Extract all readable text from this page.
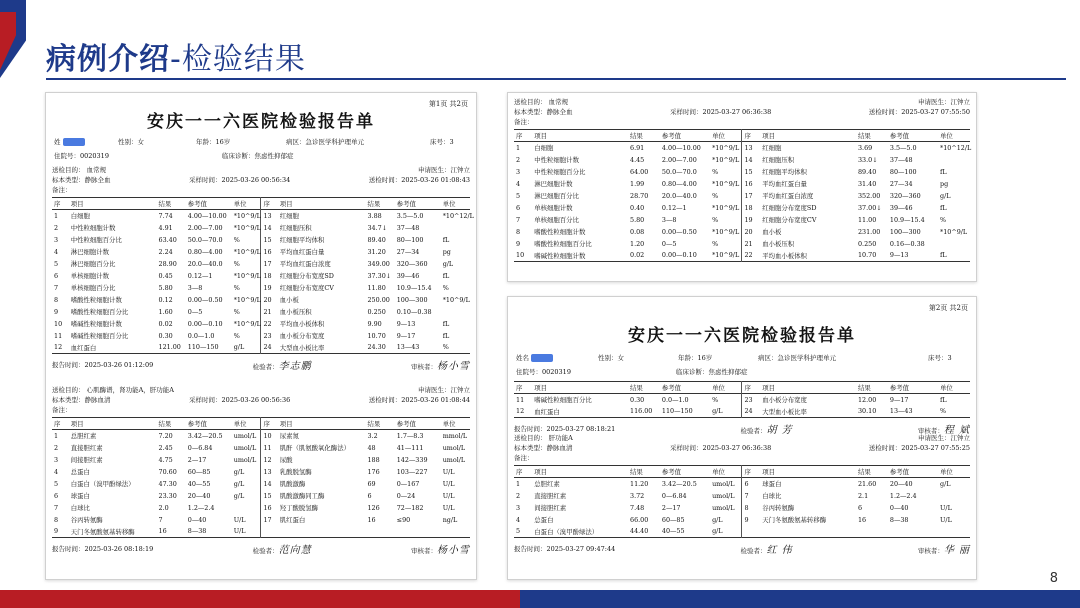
病例介绍-检验结果
第1页 共2页
安庆一一六医院检验报告单
姓	性别：女	年龄：16岁	病区：急诊医学科护理单元	床号：3
住院号：0020319	临床诊断：焦虑性抑郁症
送检目的： 血常规	申请医生：江钟立
标本类型：静脉全血	采样时间：2025-03-26 00:56:34	送检时间：2025-03-26 01:08:43
备注：
序	项目	结果	参考值	单位	序	项目	结果	参考值	单位
1	白细胞	7.74	4.00—10.00	*10^9/L	13	红细胞	3.88	3.5—5.0	*10^12/L
2	中性粒细胞计数	4.91	2.00—7.00	*10^9/L	14	红细胞压积	34.7↓	37—48	
3	中性粒细胞百分比	63.40	50.0—70.0	%	15	红细胞平均体积	89.40	80—100	fL
4	淋巴细胞计数	2.24	0.80—4.00	*10^9/L	16	平均血红蛋白量	31.20	27—34	pg
5	淋巴细胞百分比	28.90	20.0—40.0	%	17	平均血红蛋白浓度	349.00	320—360	g/L
6	单核细胞计数	0.45	0.12—1	*10^9/L	18	红细胞分布宽度SD	37.30↓	39—46	fL
7	单核细胞百分比	5.80	3—8	%	19	红细胞分布宽度CV	11.80	10.9—15.4	%
8	嗜酸性粒细胞计数	0.12	0.00—0.50	*10^9/L	20	血小板	250.00	100—300	*10^9/L
9	嗜酸性粒细胞百分比	1.60	0—5	%	21	血小板压积	0.250	0.10—0.38	
10	嗜碱性粒细胞计数	0.02	0.00—0.10	*10^9/L	22	平均血小板体积	9.90	9—13	fL
11	嗜碱性粒细胞百分比	0.30	0.0—1.0	%	23	血小板分布宽度	10.70	9—17	fL
12	血红蛋白	121.00	110—150	g/L	24	大型血小板比率	24.30	13—43	%
报告时间：2025-03-26 01:12:09	检验者：李志鹏	审核者：杨小雪
送检目的： 心肌酶谱，肾功能A，肝功能A	申请医生：江钟立
标本类型：静脉血清	采样时间：2025-03-26 00:56:36	送检时间：2025-03-26 01:08:44
备注：
序	项目	结果	参考值	单位	序	项目	结果	参考值	单位
1	总胆红素	7.20	3.42—20.5	umol/L	10	尿素氮	3.2	1.7—8.3	mmol/L
2	直接胆红素	2.45	0—6.84	umol/L	11	肌酐（肌氨酸氧化酶法）	48	41—111	umol/L
3	间接胆红素	4.75	2—17	umol/L	12	尿酸	188	142—339	umol/L
4	总蛋白	70.60	60—85	g/L	13	乳酸脱氢酶	176	103—227	U/L
5	白蛋白（溴甲酚绿法）	47.30	40—55	g/L	14	肌酸激酶	69	0—167	U/L
6	球蛋白	23.30	20—40	g/L	15	肌酸激酶同工酶	6	0—24	U/L
7	白球比	2.0	1.2—2.4		16	羟丁酸脱氢酶	126	72—182	U/L
8	谷丙转氨酶	7	0—40	U/L	17	肌红蛋白	16	≤90	ng/L
9	天门冬氨酸氨基转移酶	16	8—38	U/L					
报告时间：2025-03-26 08:18:19	检验者：范向慧	审核者：杨小雪
送检目的： 血常规	申请医生：江钟立
标本类型：静脉全血	采样时间：2025-03-27 06:36:38	送检时间：2025-03-27 07:55:50
备注：
序	项目	结果	参考值	单位	序	项目	结果	参考值	单位
1	白细胞	6.91	4.00—10.00	*10^9/L	13	红细胞	3.69	3.5—5.0	*10^12/L
2	中性粒细胞计数	4.45	2.00—7.00	*10^9/L	14	红细胞压积	33.0↓	37—48	
3	中性粒细胞百分比	64.00	50.0—70.0	%	15	红细胞平均体积	89.40	80—100	fL
4	淋巴细胞计数	1.99	0.80—4.00	*10^9/L	16	平均血红蛋白量	31.40	27—34	pg
5	淋巴细胞百分比	28.70	20.0—40.0	%	17	平均血红蛋白浓度	352.00	320—360	g/L
6	单核细胞计数	0.40	0.12—1	*10^9/L	18	红细胞分布宽度SD	37.00↓	39—46	fL
7	单核细胞百分比	5.80	3—8	%	19	红细胞分布宽度CV	11.00	10.9—15.4	%
8	嗜酸性粒细胞计数	0.08	0.00—0.50	*10^9/L	20	血小板	231.00	100—300	*10^9/L
9	嗜酸性粒细胞百分比	1.20	0—5	%	21	血小板压积	0.250	0.16—0.38	
10	嗜碱性粒细胞计数	0.02	0.00—0.10	*10^9/L	22	平均血小板体积	10.70	9—13	fL
第2页 共2页
安庆一一六医院检验报告单
姓名	性别：女	年龄：16岁	病区：急诊医学科护理单元	床号：3
住院号：0020319	临床诊断：焦虑性抑郁症
序	项目	结果	参考值	单位	序	项目	结果	参考值	单位
11	嗜碱性粒细胞百分比	0.30	0.0—1.0	%	23	血小板分布宽度	12.00	9—17	fL
12	血红蛋白	116.00	110—150	g/L	24	大型血小板比率	30.10	13—43	%
报告时间：2025-03-27 08:18:21	检验者：胡 芳	审核者：程 斌
送检目的： 肝功能A	申请医生：江钟立
标本类型：静脉血清	采样时间：2025-03-27 06:36:38	送检时间：2025-03-27 07:55:25
备注：
序	项目	结果	参考值	单位	序	项目	结果	参考值	单位
1	总胆红素	11.20	3.42—20.5	umol/L	6	球蛋白	21.60	20—40	g/L
2	直接胆红素	3.72	0—6.84	umol/L	7	白球比	2.1	1.2—2.4	
3	间接胆红素	7.48	2—17	umol/L	8	谷丙转氨酶	6	0—40	U/L
4	总蛋白	66.00	60—85	g/L	9	天门冬氨酸氨基转移酶	16	8—38	U/L
5	白蛋白（溴甲酚绿法）	44.40	40—55	g/L					
报告时间：2025-03-27 09:47:44	检验者：红 伟	审核者：华 丽
8
